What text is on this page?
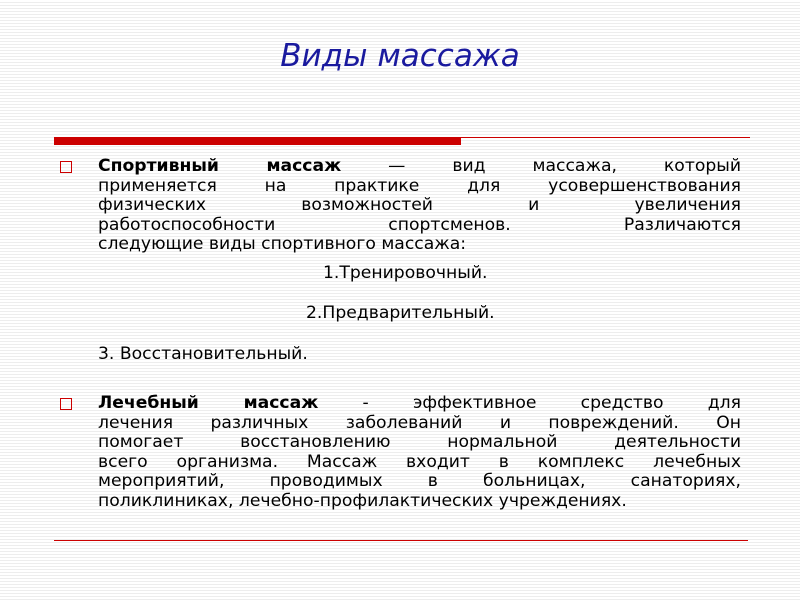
Виды массажа

Спортивный массаж — вид массажа, который
применяется на практике для усовершенствования
физических возможностей и увеличения
работоспособности спортсменов. Различаются

следующие виды спортивного массажа:

1.Тренировочный.

2.Предварительный.

3. Восстановительный.

Лечебный массаж - эффективное средство для
лечения различных заболеваний и повреждений. Он
помогает восстановлению нормальной деятельности
всего организма. Массаж входит в комплекс лечебных
мероприятий, проводимых в больницах, санаториях,

поликлиниках, лечебно-профилактических учреждениях.
